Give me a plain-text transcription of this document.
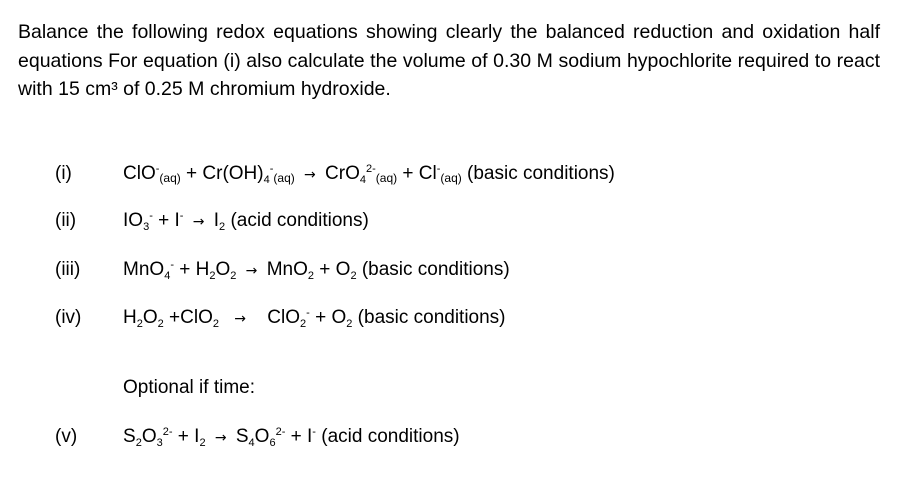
Balance the following redox equations showing clearly the balanced reduction and oxidation half equations For equation (i) also calculate the volume of 0.30 M sodium hypochlorite required to react with 15 cm³ of 0.25 M chromium hydroxide.

(i)	$ClO^-(aq) + Cr(OH)_4^-(aq) \to CrO_4^{2-}(aq) + Cl^-(aq)$ (basic conditions)
(ii) $IO_3^- + I^- \to I_2$ (acid conditions)
(iii) $MnO_4^- + H_2O_2 \to MnO_2 + O_2$ (basic conditions)
(iv) $H_2O_2 +ClO_2 \to ClO_2^- + O_2$ (basic conditions)
Optional if time:
(v) $S_2O_3^{2-} + I_2 \to S_4O_6^{2-} + I^-$ (acid conditions)
